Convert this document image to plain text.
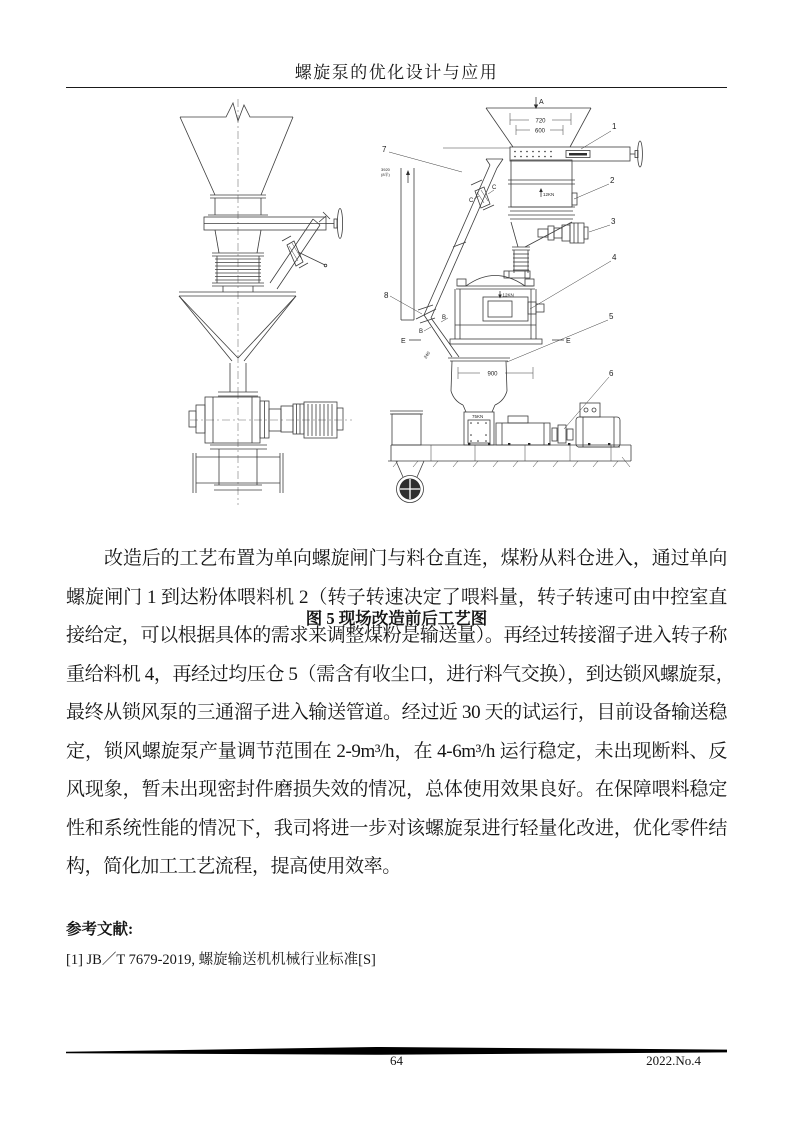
螺旋泵的优化设计与应用
A
720
600
1
2
3
4
5
6
7
8
B
B
C
C
E	E
12KN
12KN
75KN
3920
(8半)
900
240
图 5 现场改造前后工艺图
改造后的工艺布置为单向螺旋闸门与料仓直连，煤粉从料仓进入，通过单向
螺旋闸门 1 到达粉体喂料机 2（转子转速决定了喂料量，转子转速可由中控室直
接给定，可以根据具体的需求来调整煤粉是输送量）。再经过转接溜子进入转子称
重给料机 4，再经过均压仓 5（需含有收尘口，进行料气交换），到达锁风螺旋泵，
最终从锁风泵的三通溜子进入输送管道。经过近 30 天的试运行，目前设备输送稳
定，锁风螺旋泵产量调节范围在 2-9m³/h，在 4-6m³/h 运行稳定，未出现断料、反
风现象，暂未出现密封件磨损失效的情况，总体使用效果良好。在保障喂料稳定
性和系统性能的情况下，我司将进一步对该螺旋泵进行轻量化改进，优化零件结
构，简化加工工艺流程，提高使用效率。
参考文献:
[1] JB／T 7679-2019, 螺旋输送机机械行业标准[S]
64	2022.No.4
